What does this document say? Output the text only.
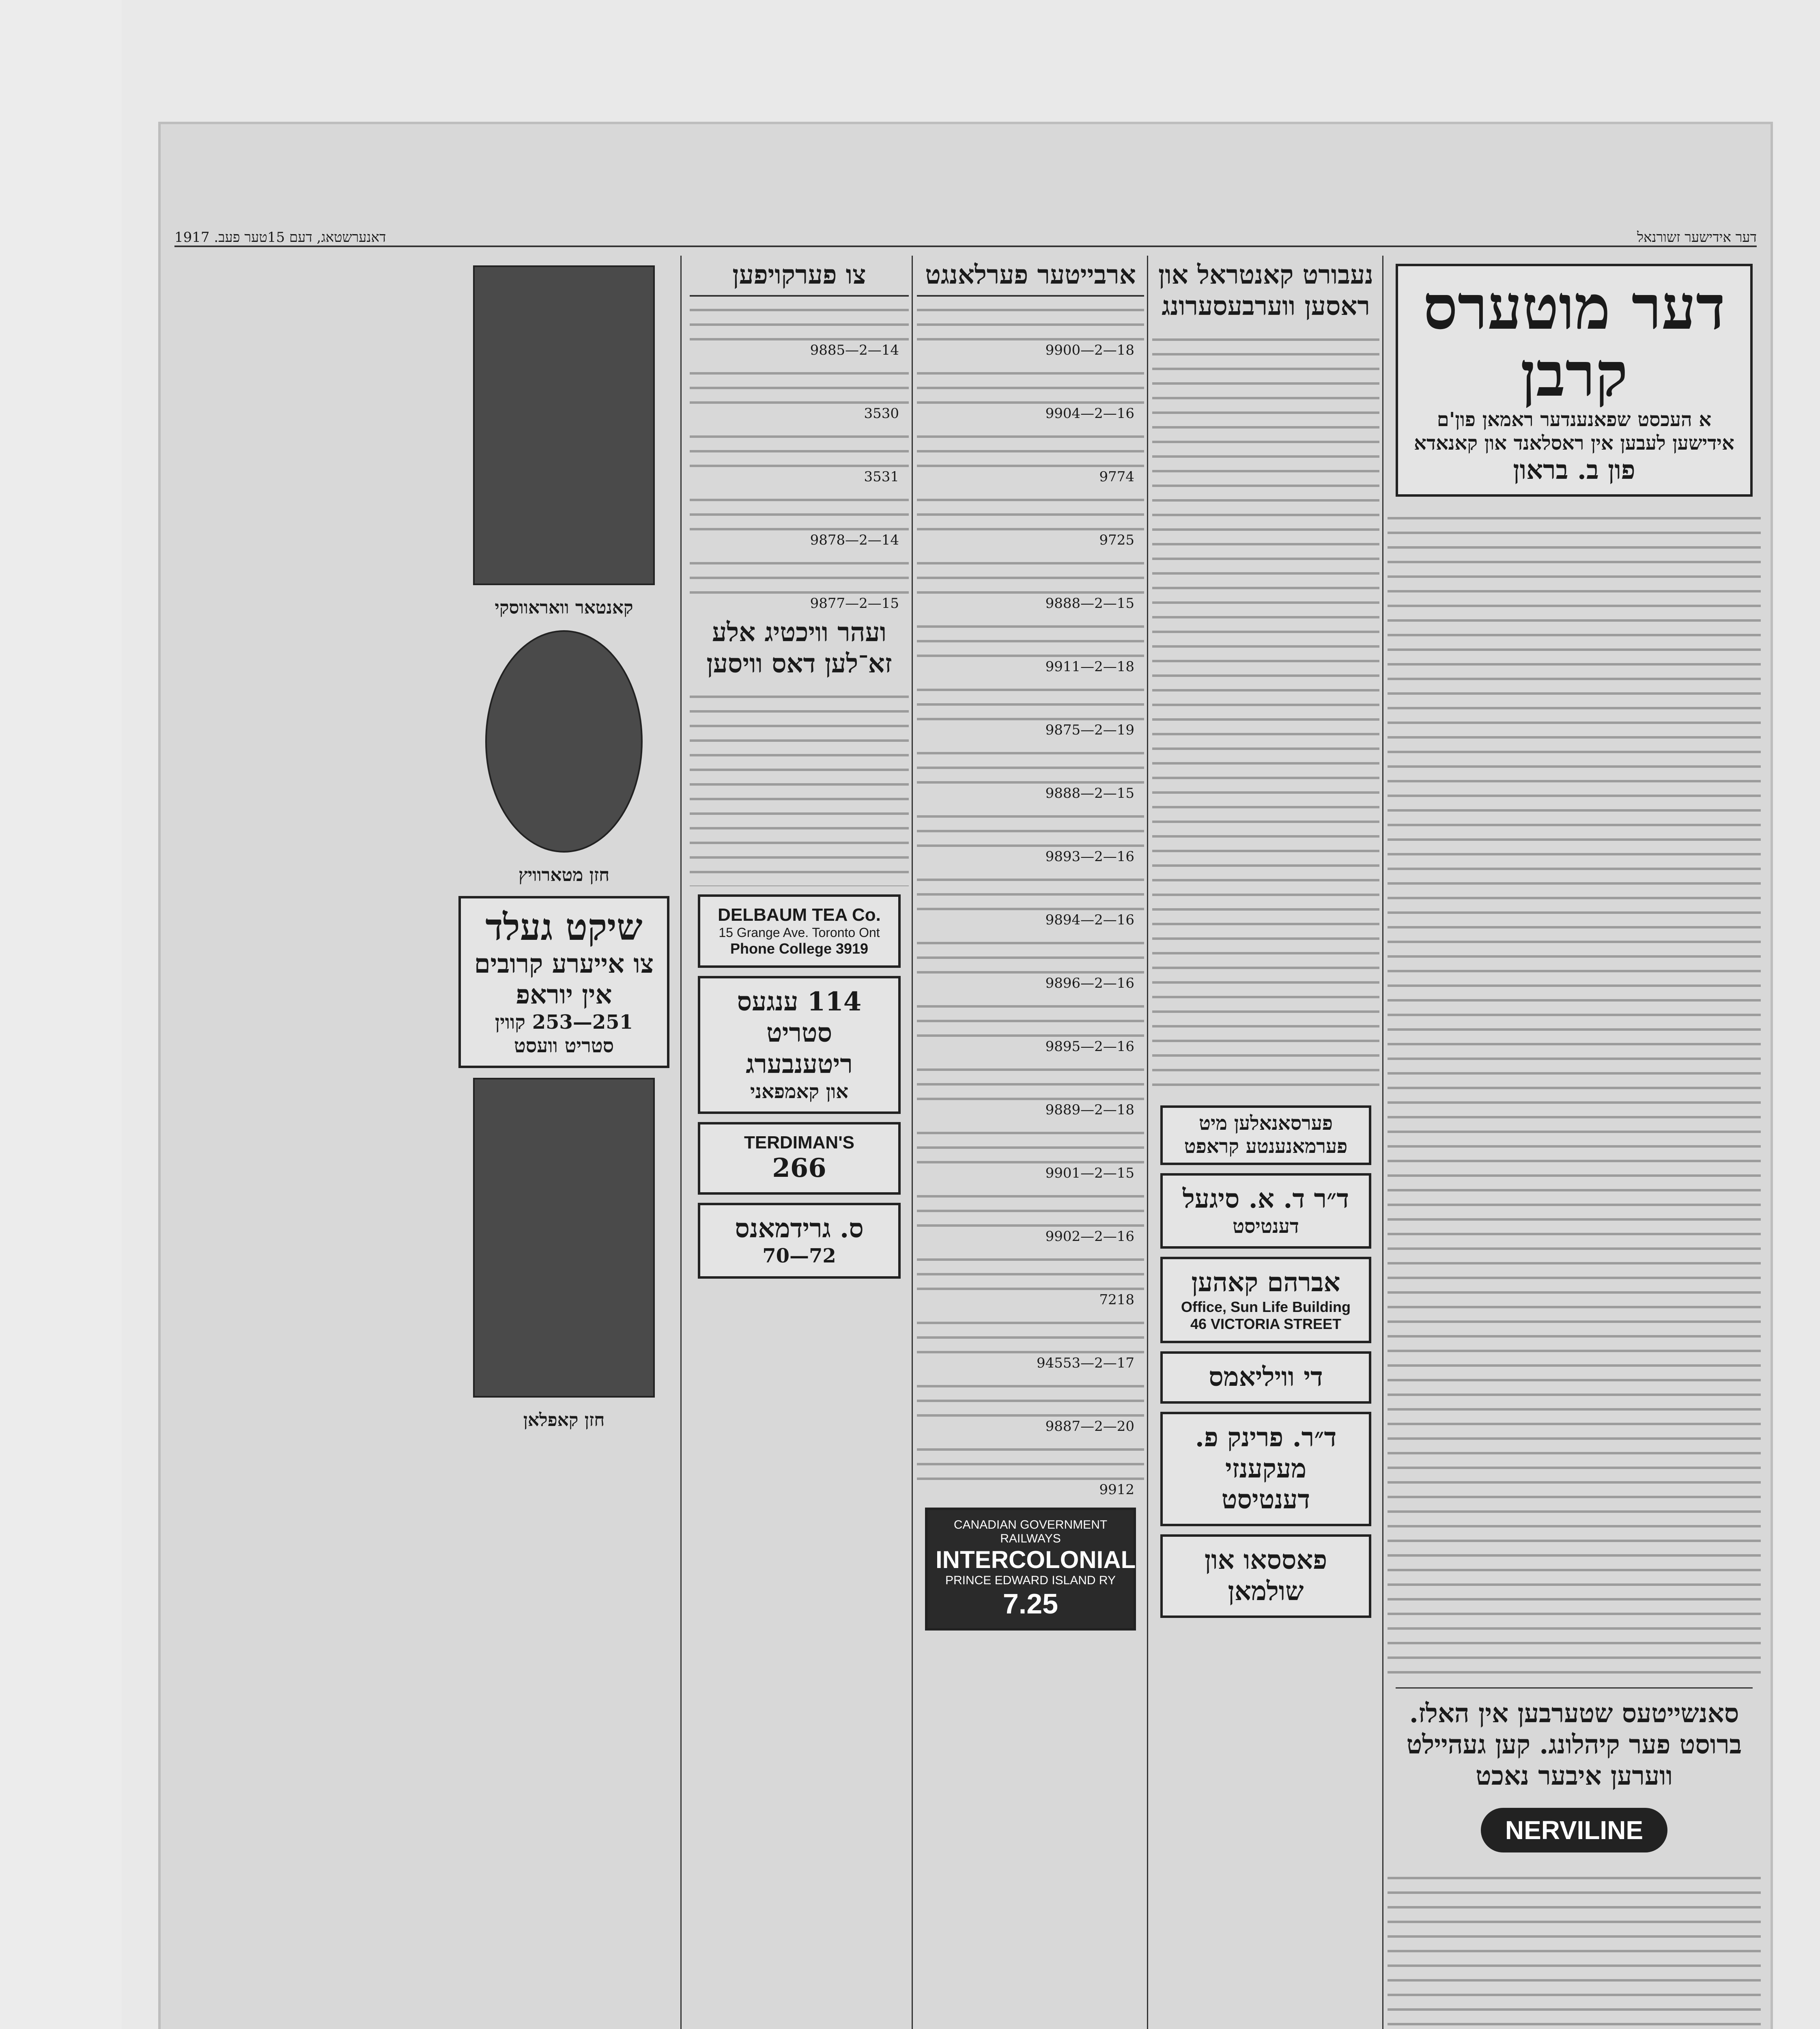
דער אידישער זשורנאל
דאנערשטאג, דעם 15טער פעב. 1917
דער מוטערס קרבן
א העכסט שפאנענדער ראמאן פון'ם אידישען לעבען אין ראסלאנד און קאנאדא
פון ב. בראון
סאנשייטעס שטערבען אין האלז. ברוסט פער קיהלונג. קען געהיילט ווערען איבער נאכט
NERVILINE
נעבורט קאנטראל און ראסען ווערבעסערונג
פערסאנאלען מיט פערמאנענטע קראפט
ד״ר ד. א. סיגעל
דענטיסט
אברהם קאהען
Office, Sun Life Building
46 VICTORIA STREET
די וויליאמס
ד״ר. פרינק פ. מעקענזי
דענטיסט
פאססאו און שולמאן
ארבייטער פערלאנגט
9900—2—18
9904—2—16
9774
9725
9888—2—15
9911—2—18
9875—2—19
9888—2—15
9893—2—16
9894—2—16
9896—2—16
9895—2—16
9889—2—18
9901—2—15
9902—2—16
7218
94553—2—17
9887—2—20
9912
CANADIAN GOVERNMENT RAILWAYS
INTERCOLONIAL
PRINCE EDWARD ISLAND RY
7.25
צו פערקויפען
9885—2—14
3530
3531
9878—2—14
9877—2—15
ועהר וויכטיג אלע זא־לען דאס וויסען
DELBAUM TEA Co.
15 Grange Ave. Toronto Ont
Phone College 3919
114 ענגעס סטריט
ריטענבערג
און קאמפאני
TERDIMAN'S
266
ס. גרידמאנס
72—70
קאנטאר וואראווסקי
חזן מטארוויץ
שיקט געלד
צו אייערע קרובים
אין יוראפ
251—253 קווין סטריט וועסט
חזן קאפלאן
